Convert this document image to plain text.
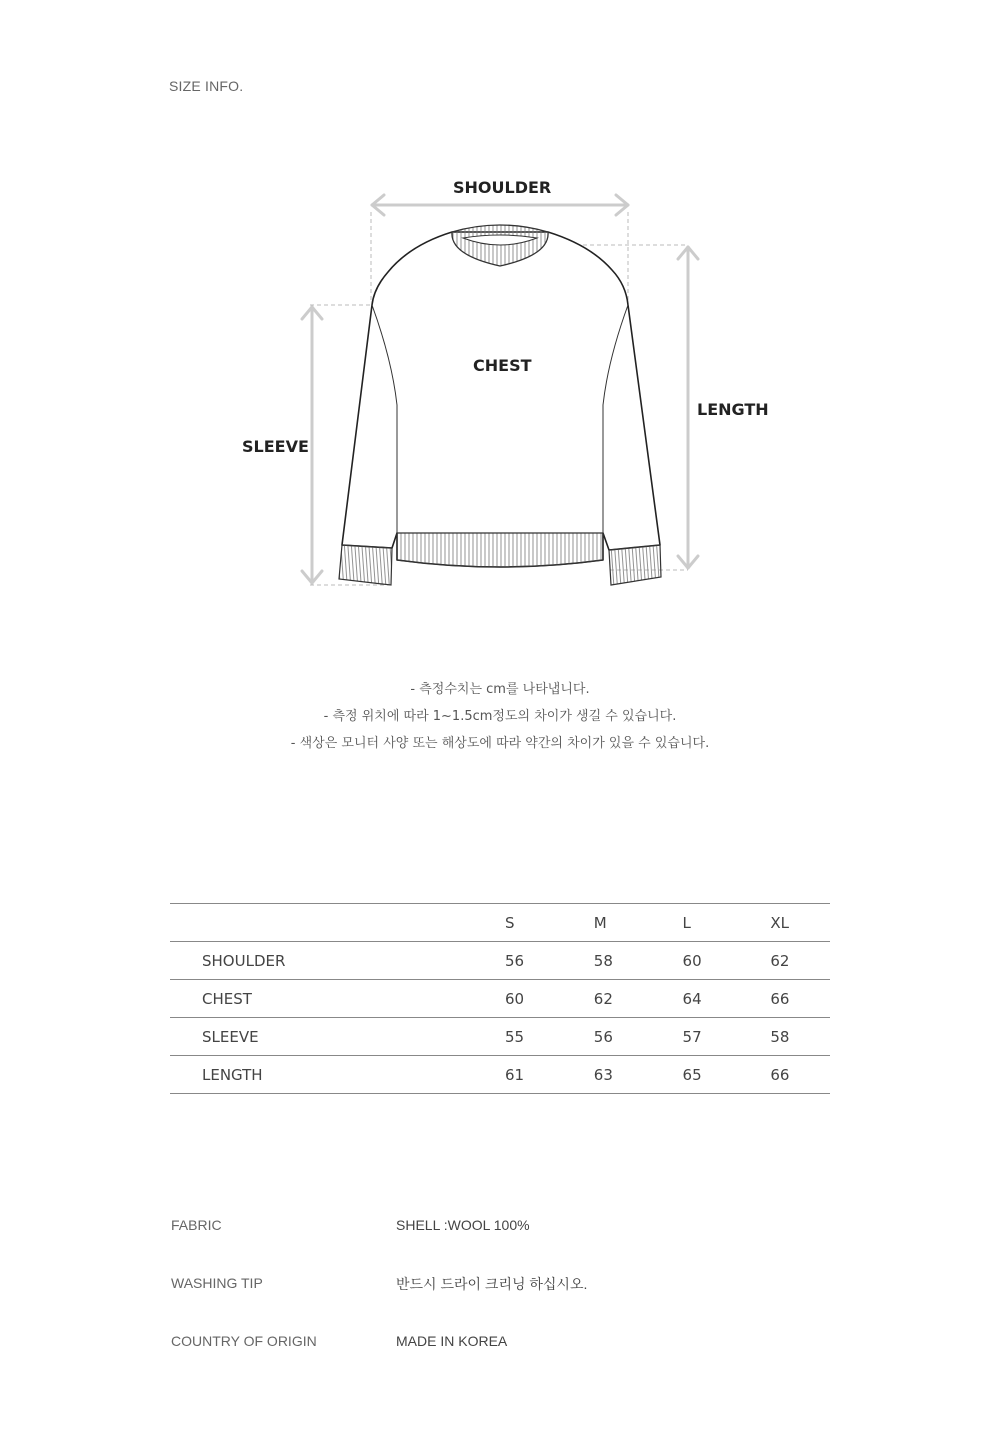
SIZE INFO.
SHOULDER
CHEST
LENGTH
SLEEVE
- 측정수치는 cm를 나타냅니다.
- 측정 위치에 따라 1~1.5cm정도의 차이가 생길 수 있습니다.
- 색상은 모니터 사양 또는 해상도에 따라 약간의 차이가 있을 수 있습니다.
	S	M	L	XL
SHOULDER	56	58	60	62
CHEST	60	62	64	66
SLEEVE	55	56	57	58
LENGTH	61	63	65	66
FABRIC	SHELL :WOOL 100%
WASHING TIP	반드시 드라이 크리닝 하십시오.
COUNTRY OF ORIGIN	MADE IN KOREA
